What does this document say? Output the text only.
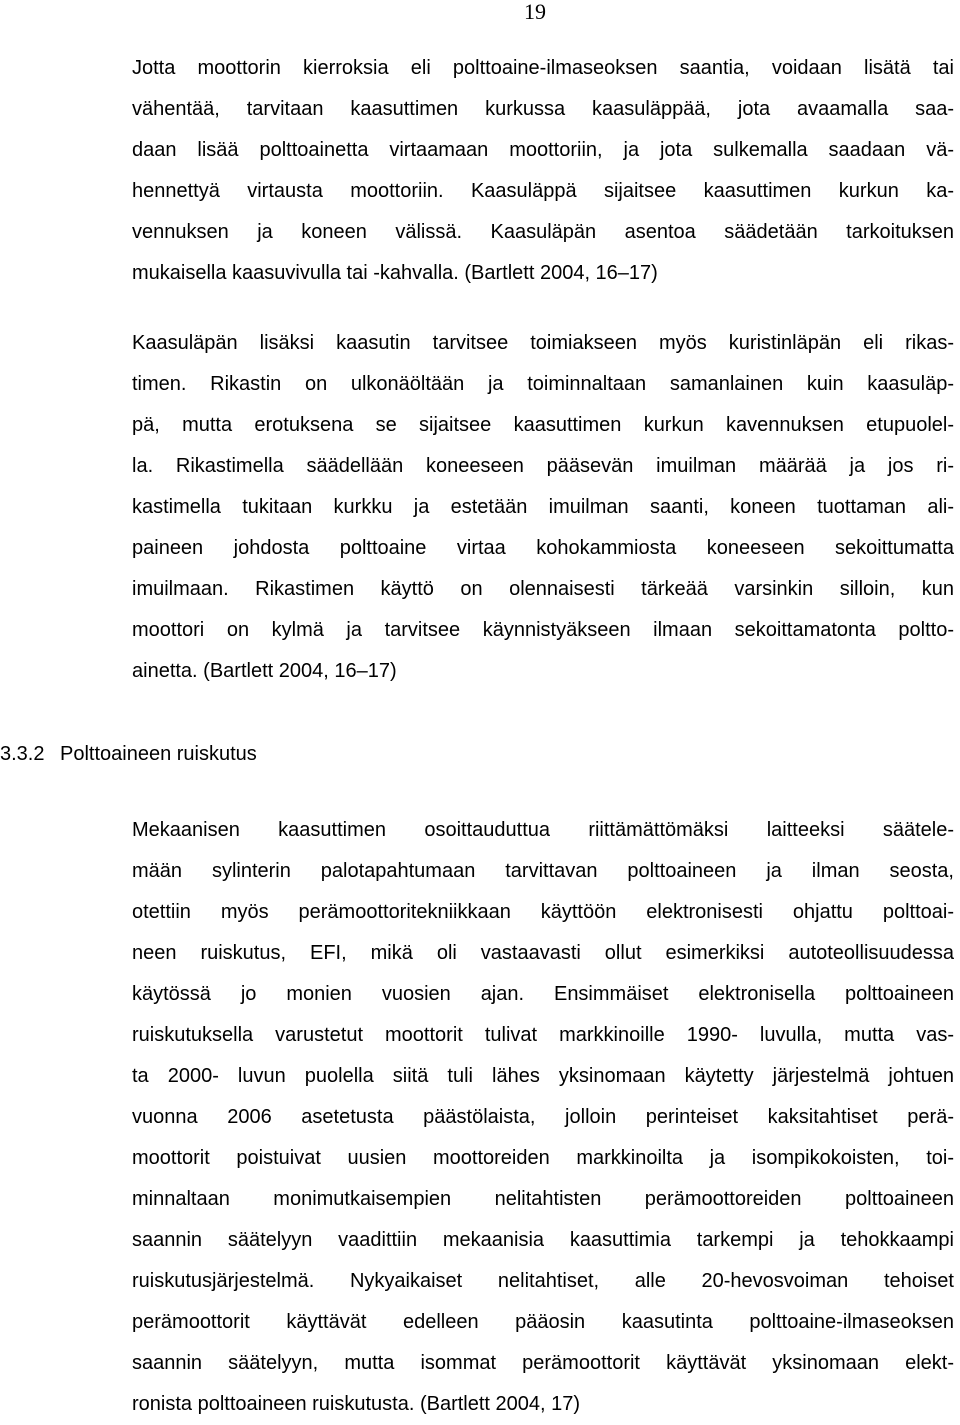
19

Jotta moottorin kierroksia eli polttoaine-ilmaseoksen saantia, voidaan lisätä tai
vähentää, tarvitaan kaasuttimen kurkussa kaasuläppää, jota avaamalla saa-
daan lisää polttoainetta virtaamaan moottoriin, ja jota sulkemalla saadaan vä-
hennettyä virtausta moottoriin. Kaasuläppä sijaitsee kaasuttimen kurkun ka-
vennuksen ja koneen välissä. Kaasuläpän asentoa säädetään tarkoituksen
mukaisella kaasuvivulla tai -kahvalla. (Bartlett 2004, 16–17)

Kaasuläpän lisäksi kaasutin tarvitsee toimiakseen myös kuristinläpän eli rikas-
timen. Rikastin on ulkonäöltään ja toiminnaltaan samanlainen kuin kaasuläp-
pä, mutta erotuksena se sijaitsee kaasuttimen kurkun kavennuksen etupuolel-
la. Rikastimella säädellään koneeseen pääsevän imuilman määrää ja jos ri-
kastimella tukitaan kurkku ja estetään imuilman saanti, koneen tuottaman ali-
paineen johdosta polttoaine virtaa kohokammiosta koneeseen sekoittumatta
imuilmaan. Rikastimen käyttö on olennaisesti tärkeää varsinkin silloin, kun
moottori on kylmä ja tarvitsee käynnistyäkseen ilmaan sekoittamatonta poltto-
ainetta. (Bartlett 2004, 16–17)

3.3.2 Polttoaineen ruiskutus

Mekaanisen kaasuttimen osoittauduttua riittämättömäksi laitteeksi säätele-
mään sylinterin palotapahtumaan tarvittavan polttoaineen ja ilman seosta,
otettiin myös perämoottoritekniikkaan käyttöön elektronisesti ohjattu polttoai-
neen ruiskutus, EFI, mikä oli vastaavasti ollut esimerkiksi autoteollisuudessa
käytössä jo monien vuosien ajan. Ensimmäiset elektronisella polttoaineen
ruiskutuksella varustetut moottorit tulivat markkinoille 1990- luvulla, mutta vas-
ta 2000- luvun puolella siitä tuli lähes yksinomaan käytetty järjestelmä johtuen
vuonna 2006 asetetusta päästölaista, jolloin perinteiset kaksitahtiset perä-
moottorit poistuivat uusien moottoreiden markkinoilta ja isompikokoisten, toi-
minnaltaan monimutkaisempien nelitahtisten perämoottoreiden polttoaineen
saannin säätelyyn vaadittiin mekaanisia kaasuttimia tarkempi ja tehokkaampi
ruiskutusjärjestelmä. Nykyaikaiset nelitahtiset, alle 20-hevosvoiman tehoiset
perämoottorit käyttävät edelleen pääosin kaasutinta polttoaine-ilmaseoksen
saannin säätelyyn, mutta isommat perämoottorit käyttävät yksinomaan elekt-
ronista polttoaineen ruiskutusta. (Bartlett 2004, 17)
